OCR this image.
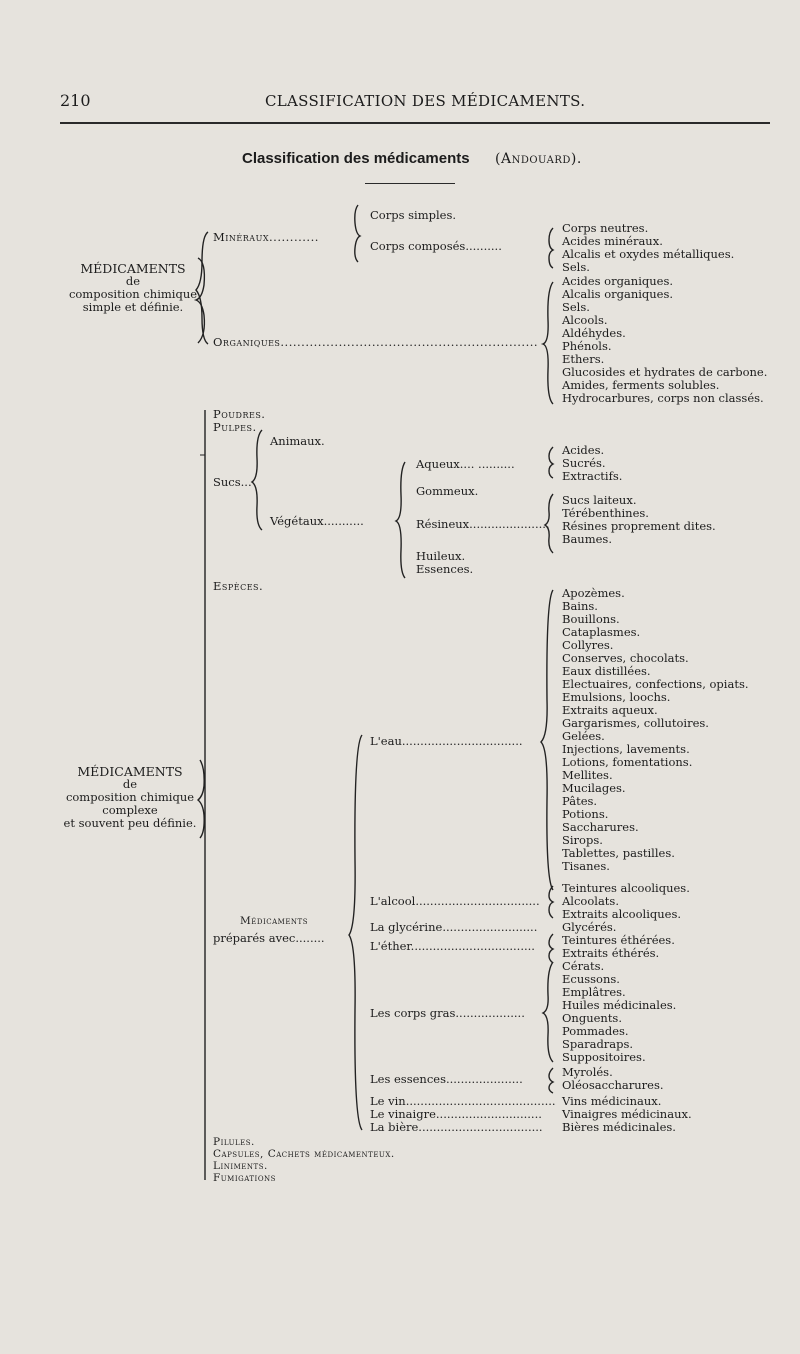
210	CLASSIFICATION DES MÉDICAMENTS.
Classification des médicaments (Andouard).
MÉDICAMENTS
de
composition chimique
simple et définie.
Minéraux............
Corps simples.
Corps composés..........
Corps neutres.
Acides minéraux.
Alcalis et oxydes métalliques.
Sels.
Organiques..............................................................
Acides organiques.
Alcalis organiques.
Sels.
Alcools.
Aldéhydes.
Phénols.
Ethers.
Glucosides et hydrates de carbone.
Amides, ferments solubles.
Hydrocarbures, corps non classés.
Poudres.
Pulpes.
Sucs...
Animaux.
Végétaux...........
Aqueux.... ..........
Acides.
Sucrés.
Extractifs.
Gommeux.
Résineux......................
Sucs laiteux.
Térébenthines.
Résines proprement dites.
Baumes.
Huileux.
Essences.
Espèces.
MÉDICAMENTS
de
composition chimique
complexe
et souvent peu définie.
Médicaments
préparés avec........
L'eau.................................
Apozèmes.
Bains.
Bouillons.
Cataplasmes.
Collyres.
Conserves, chocolats.
Eaux distillées.
Electuaires, confections, opiats.
Emulsions, loochs.
Extraits aqueux.
Gargarismes, collutoires.
Gelées.
Injections, lavements.
Lotions, fomentations.
Mellites.
Mucilages.
Pâtes.
Potions.
Saccharures.
Sirops.
Tablettes, pastilles.
Tisanes.
L'alcool..................................
Teintures alcooliques.
Alcoolats.
Extraits alcooliques.
La glycérine.......................... Glycérés.
L'éther.................................. Teintures éthérées.
Extraits éthérés.
Les corps gras...................
Cérats.
Ecussons.
Emplâtres.
Huiles médicinales.
Onguents.
Pommades.
Sparadraps.
Suppositoires.
Les essences.....................	Myrolés.
Oléosaccharures.
Le vin......................................... Vins médicinaux.
Le vinaigre............................. Vinaigres médicinaux.
La bière.................................. Bières médicinales.
Pilules.
Capsules, Cachets médicamenteux.
Liniments.
Fumigations
